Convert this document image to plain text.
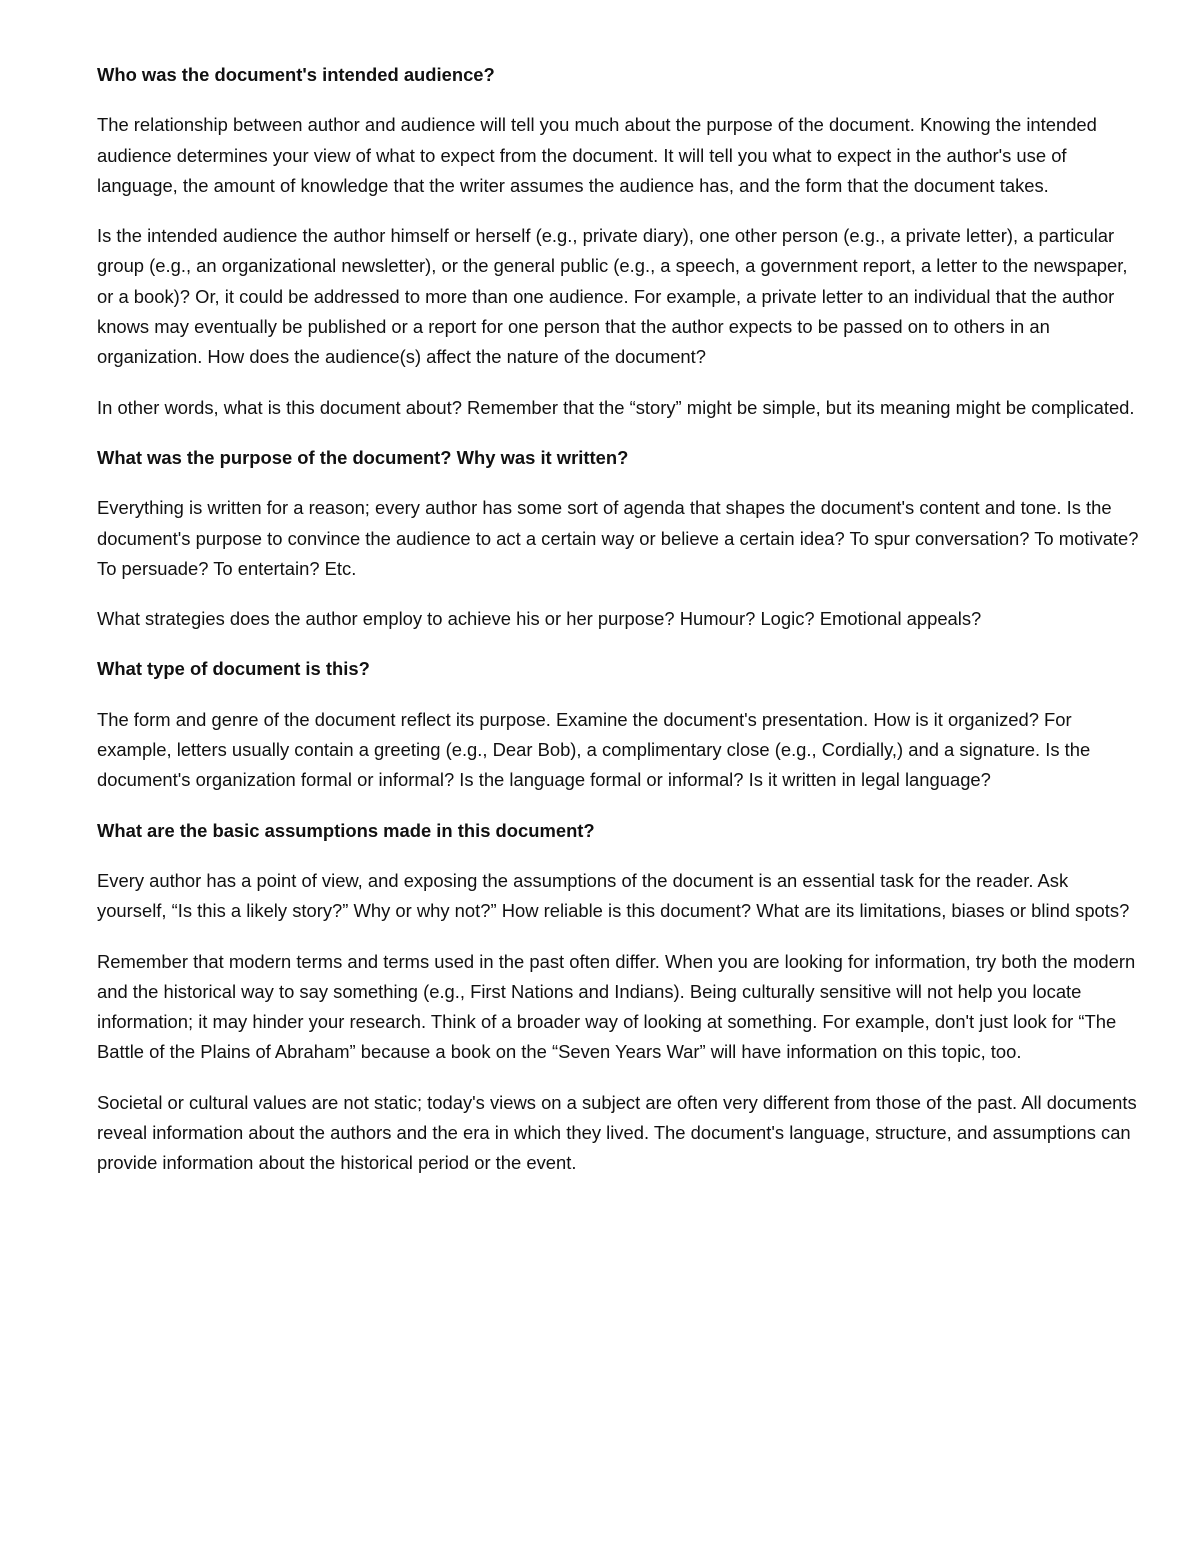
Who was the document's intended audience?
The relationship between author and audience will tell you much about the purpose of the document. Knowing the intended audience determines your view of what to expect from the document. It will tell you what to expect in the author's use of language, the amount of knowledge that the writer assumes the audience has, and the form that the document takes.
Is the intended audience the author himself or herself (e.g., private diary), one other person (e.g., a private letter), a particular group (e.g., an organizational newsletter), or the general public (e.g., a speech, a government report, a letter to the newspaper, or a book)? Or, it could be addressed to more than one audience. For example, a private letter to an individual that the author knows may eventually be published or a report for one person that the author expects to be passed on to others in an organization. How does the audience(s) affect the nature of the document?
In other words, what is this document about? Remember that the “story” might be simple, but its meaning might be complicated.
What was the purpose of the document? Why was it written?
Everything is written for a reason; every author has some sort of agenda that shapes the document's content and tone. Is the document's purpose to convince the audience to act a certain way or believe a certain idea? To spur conversation? To motivate? To persuade? To entertain? Etc.
What strategies does the author employ to achieve his or her purpose? Humour? Logic? Emotional appeals?
What type of document is this?
The form and genre of the document reflect its purpose. Examine the document's presentation. How is it organized? For example, letters usually contain a greeting (e.g., Dear Bob), a complimentary close (e.g., Cordially,) and a signature. Is the document's organization formal or informal? Is the language formal or informal? Is it written in legal language?
What are the basic assumptions made in this document?
Every author has a point of view, and exposing the assumptions of the document is an essential task for the reader. Ask yourself, “Is this a likely story?” Why or why not?” How reliable is this document? What are its limitations, biases or blind spots?
Remember that modern terms and terms used in the past often differ. When you are looking for information, try both the modern and the historical way to say something (e.g., First Nations and Indians). Being culturally sensitive will not help you locate information; it may hinder your research. Think of a broader way of looking at something. For example, don't just look for “The Battle of the Plains of Abraham” because a book on the “Seven Years War” will have information on this topic, too.
Societal or cultural values are not static; today's views on a subject are often very different from those of the past. All documents reveal information about the authors and the era in which they lived. The document's language, structure, and assumptions can provide information about the historical period or the event.
